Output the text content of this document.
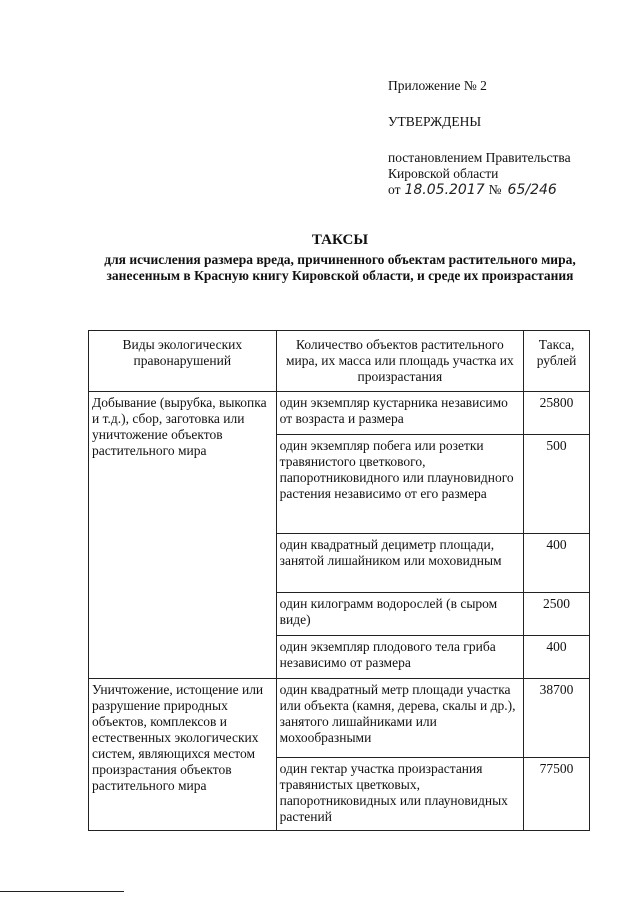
Приложение № 2

УТВЕРЖДЕНЫ

постановлением Правительства

Кировской области

от 18.05.2017 № 65/246
ТАКСЫ
для исчисления размера вреда, причиненного объектам растительного мира, занесенным в Красную книгу Кировской области, и среде их произрастания
Виды экологических правонарушений	Количество объектов растительного мира, их масса или площадь участка их произрастания	Такса, рублей
Добывание (вырубка, выкопка и т.д.), сбор, заготовка или уничтожение объектов растительного мира	один экземпляр кустарника независимо от возраста и размера	25800
	один экземпляр побега или розетки травянистого цветкового, папоротниковидного или плауновидного растения независимо от его размера	500
	один квадратный дециметр площади, занятой лишайником или моховидным	400
	один килограмм водорослей (в сыром виде)	2500
	один экземпляр плодового тела гриба независимо от размера	400
Уничтожение, истощение или разрушение природных объектов, комплексов и естественных экологических систем, являющихся местом произрастания объектов растительного мира	один квадратный метр площади участка или объекта (камня, дерева, скалы и др.), занятого лишайниками или мохообразными	38700
	один гектар участка произрастания травянистых цветковых, папоротниковидных или плауновидных растений	77500
